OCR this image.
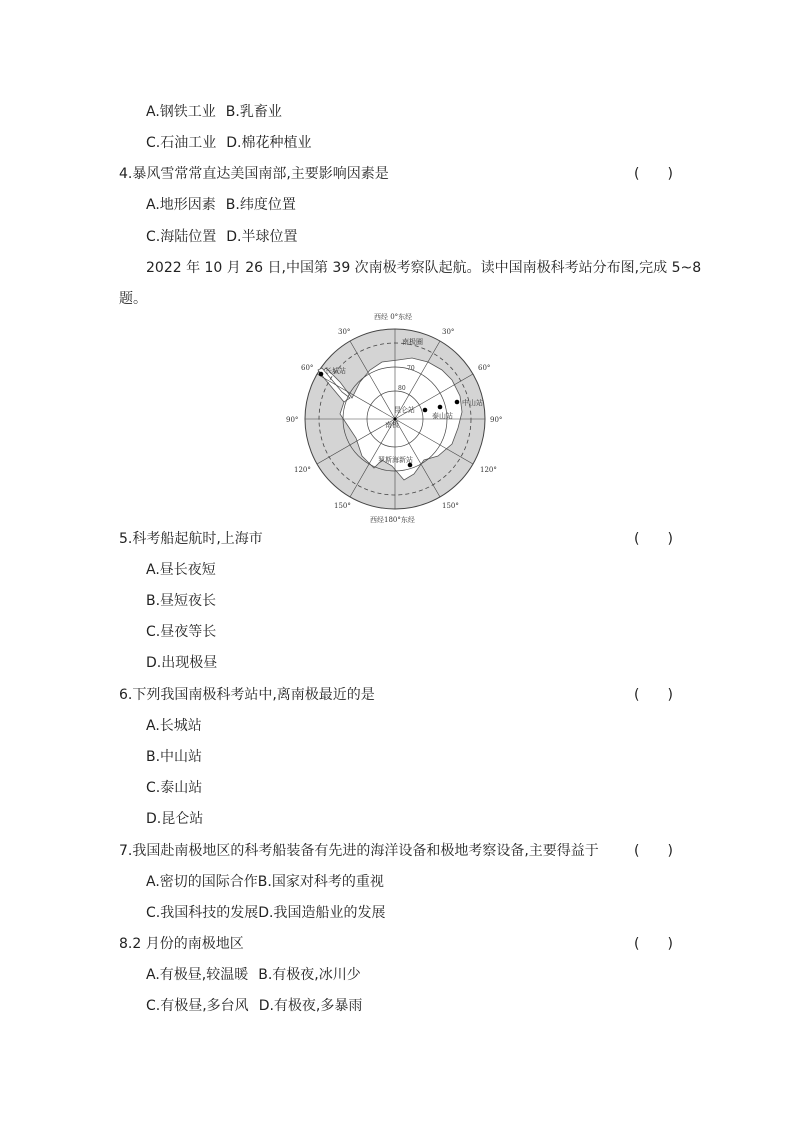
A.钢铁工业 B.乳畜业
C.石油工业 D.棉花种植业
4.暴风雪常常直达美国南部,主要影响因素是	(　　)
A.地形因素 B.纬度位置
C.海陆位置 D.半球位置
2022 年 10 月 26 日,中国第 39 次南极考察队起航。读中国南极科考站分布图,完成 5~8
题。
西经 0°东经
西经180°东经
30°	30°
60°	60°
90°	90°
120°	120°
150°	150°
南极圈
70
80
南极
长城站
昆仑站
泰山站
中山站
罗斯海新站
5.科考船起航时,上海市	(　　)
A.昼长夜短
B.昼短夜长
C.昼夜等长
D.出现极昼
6.下列我国南极科考站中,离南极最近的是	(　　)
A.长城站
B.中山站
C.泰山站
D.昆仑站
7.我国赴南极地区的科考船装备有先进的海洋设备和极地考察设备,主要得益于	(　　)
A.密切的国际合作B.国家对科考的重视
C.我国科技的发展D.我国造船业的发展
8.2 月份的南极地区	(　　)
A.有极昼,较温暖 B.有极夜,冰川少
C.有极昼,多台风 D.有极夜,多暴雨
